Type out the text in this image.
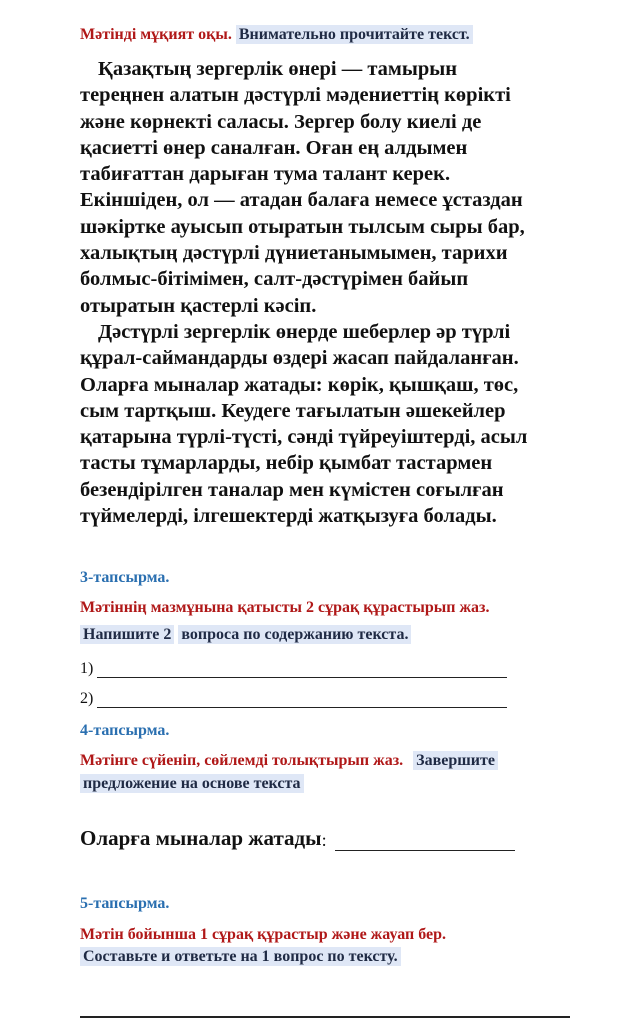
Мәтінді мұқият оқы. Внимательно прочитайте текст.
Қазақтың зергерлік өнері — тамырын
тереңнен алатын дәстүрлі мәдениеттің көрікті
және көрнекті саласы. Зергер болу киелі де
қасиетті өнер саналған. Оған ең алдымен
табиғаттан дарыған тума талант керек.
Екіншіден, ол — атадан балаға немесе ұстаздан
шәкіртке ауысып отыратын тылсым сыры бар,
халықтың дәстүрлі дүниетанымымен, тарихи
болмыс-бітімімен, салт-дәстүрімен байып
отыратын қастерлі кәсіп.
Дәстүрлі зергерлік өнерде шеберлер әр түрлі
құрал-саймандарды өздері жасап пайдаланған.
Оларға мыналар жатады: көрік, қышқаш, төс,
сым тартқыш. Кеудеге тағылатын әшекейлер
қатарына түрлі-түсті, сәнді түйреуіштерді, асыл
тасты тұмарларды, небір қымбат тастармен
безендірілген таналар мен күмістен соғылған
түймелерді, ілгешектерді жатқызуға болады.
3-тапсырма.
Мәтіннің мазмұнына қатысты 2 сұрақ құрастырып жаз.
Напишите 2 вопроса по содержанию текста.
1)
2)
4-тапсырма.
Мәтінге сүйеніп, сөйлемді толықтырып жаз. Завершите
предложение на основе текста
Оларға мыналар жатады :
5-тапсырма.
Мәтін бойынша 1 сұрақ құрастыр және жауап бер.
Составьте и ответьте на 1 вопрос по тексту.
